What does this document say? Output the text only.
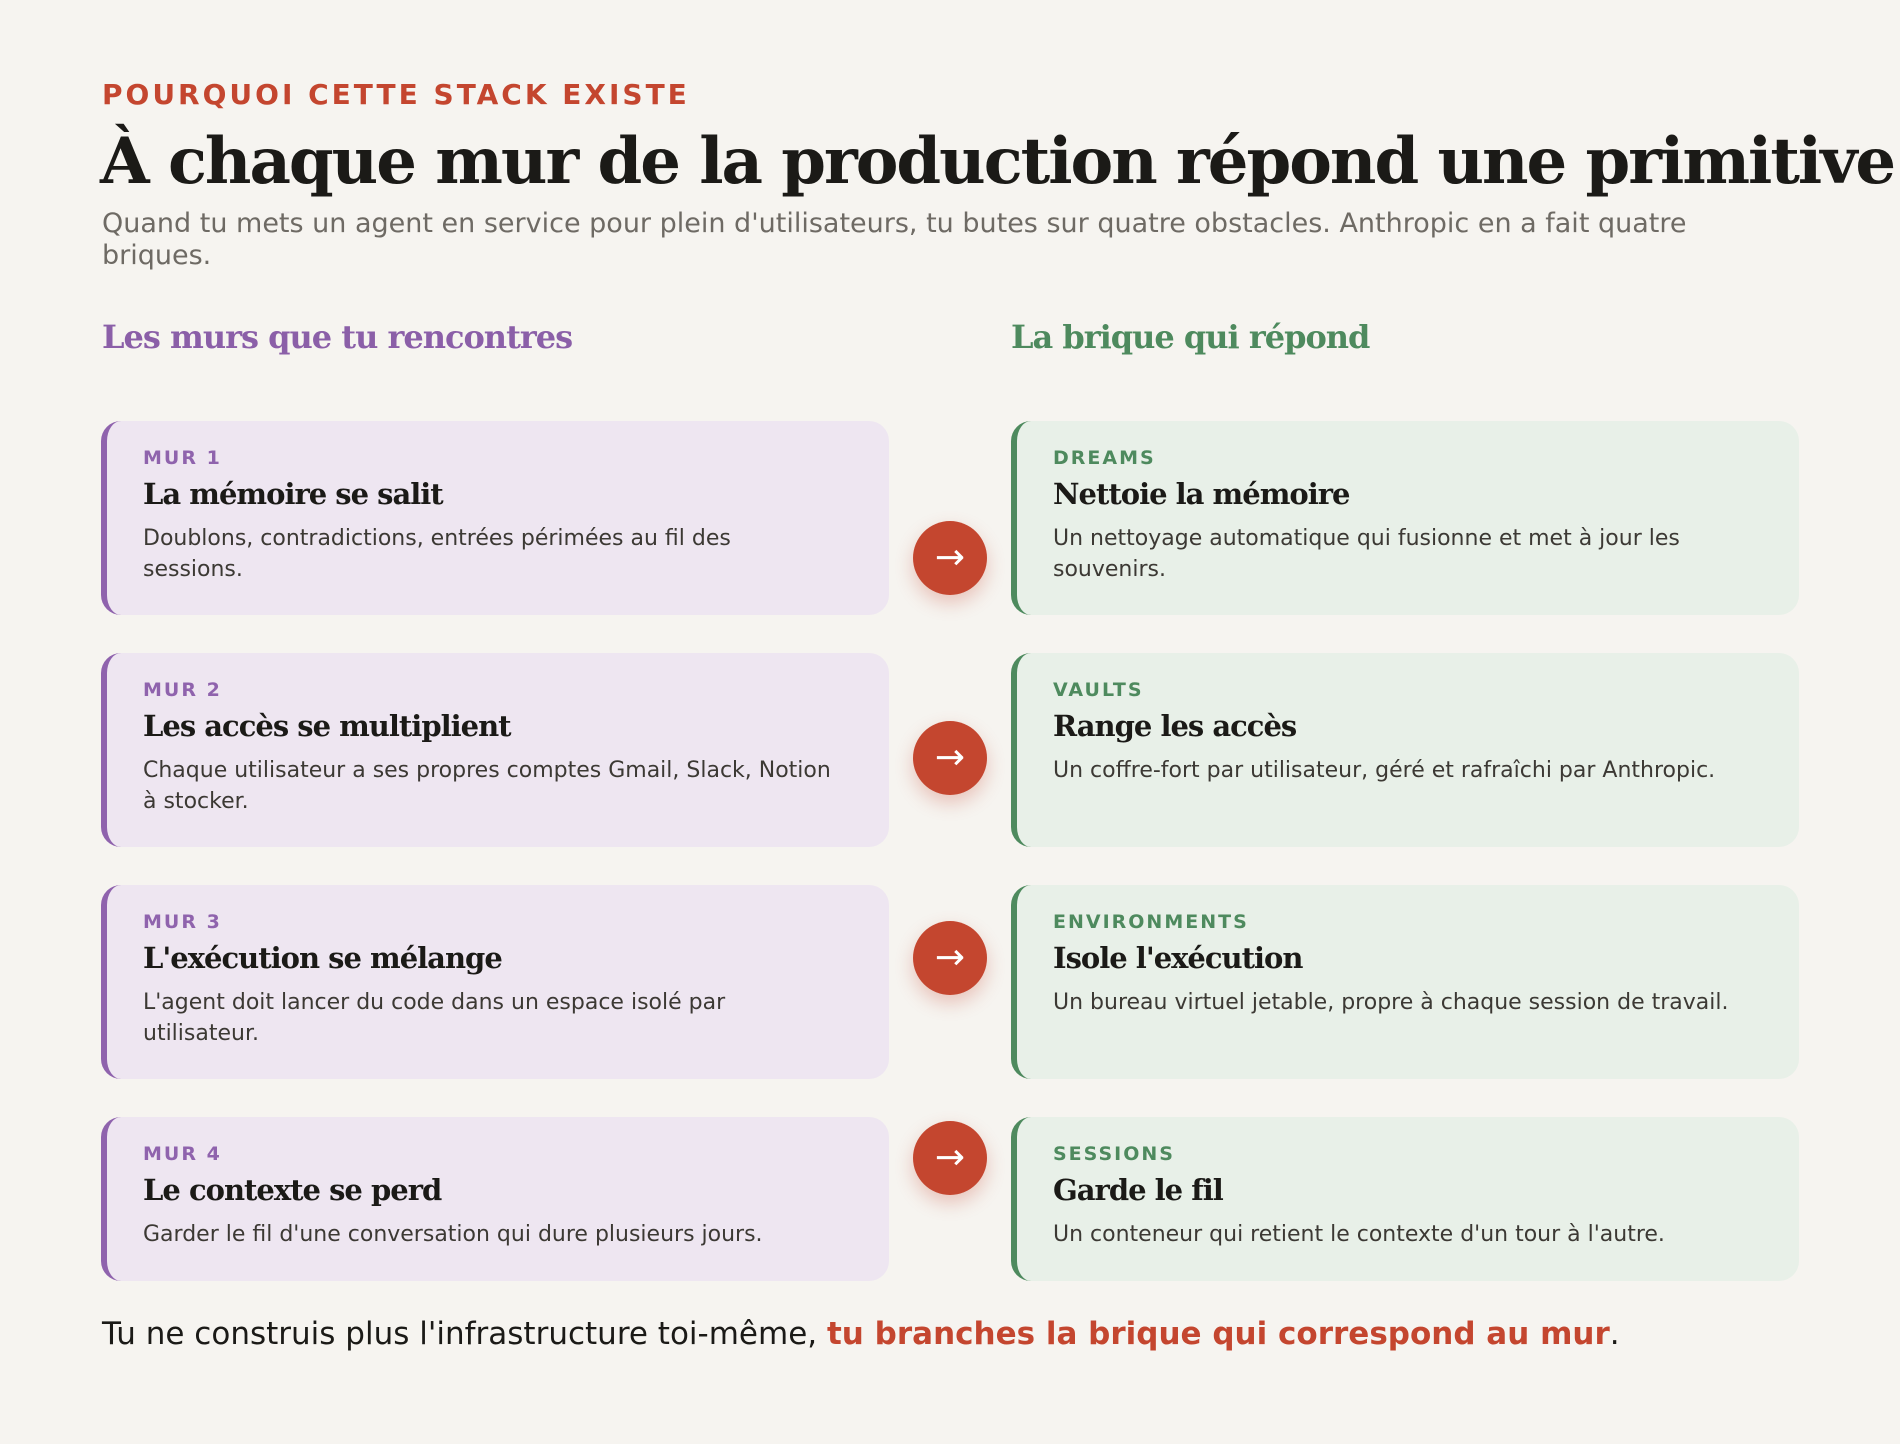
POURQUOI CETTE STACK EXISTE
À chaque mur de la production répond une primitive
Quand tu mets un agent en service pour plein d'utilisateurs, tu butes sur quatre obstacles. Anthropic en a fait quatre briques.
Les murs que tu rencontres	La brique qui répond
MUR 1
La mémoire se salit
Doublons, contradictions, entrées périmées au fil des sessions.	→
DREAMS
Nettoie la mémoire
Un nettoyage automatique qui fusionne et met à jour les souvenirs.
MUR 2
Les accès se multiplient
Chaque utilisateur a ses propres comptes Gmail, Slack, Notion à stocker.
→
VAULTS
Range les accès
Un coffre-fort par utilisateur, géré et rafraîchi par Anthropic.
MUR 3
L'exécution se mélange
L'agent doit lancer du code dans un espace isolé par utilisateur.
→
ENVIRONMENTS
Isole l'exécution
Un bureau virtuel jetable, propre à chaque session de travail.
MUR 4
Le contexte se perd
Garder le fil d'une conversation qui dure plusieurs jours.
→	SESSIONS
Garde le fil
Un conteneur qui retient le contexte d'un tour à l'autre.
Tu ne construis plus l'infrastructure toi-même, tu branches la brique qui correspond au mur.
